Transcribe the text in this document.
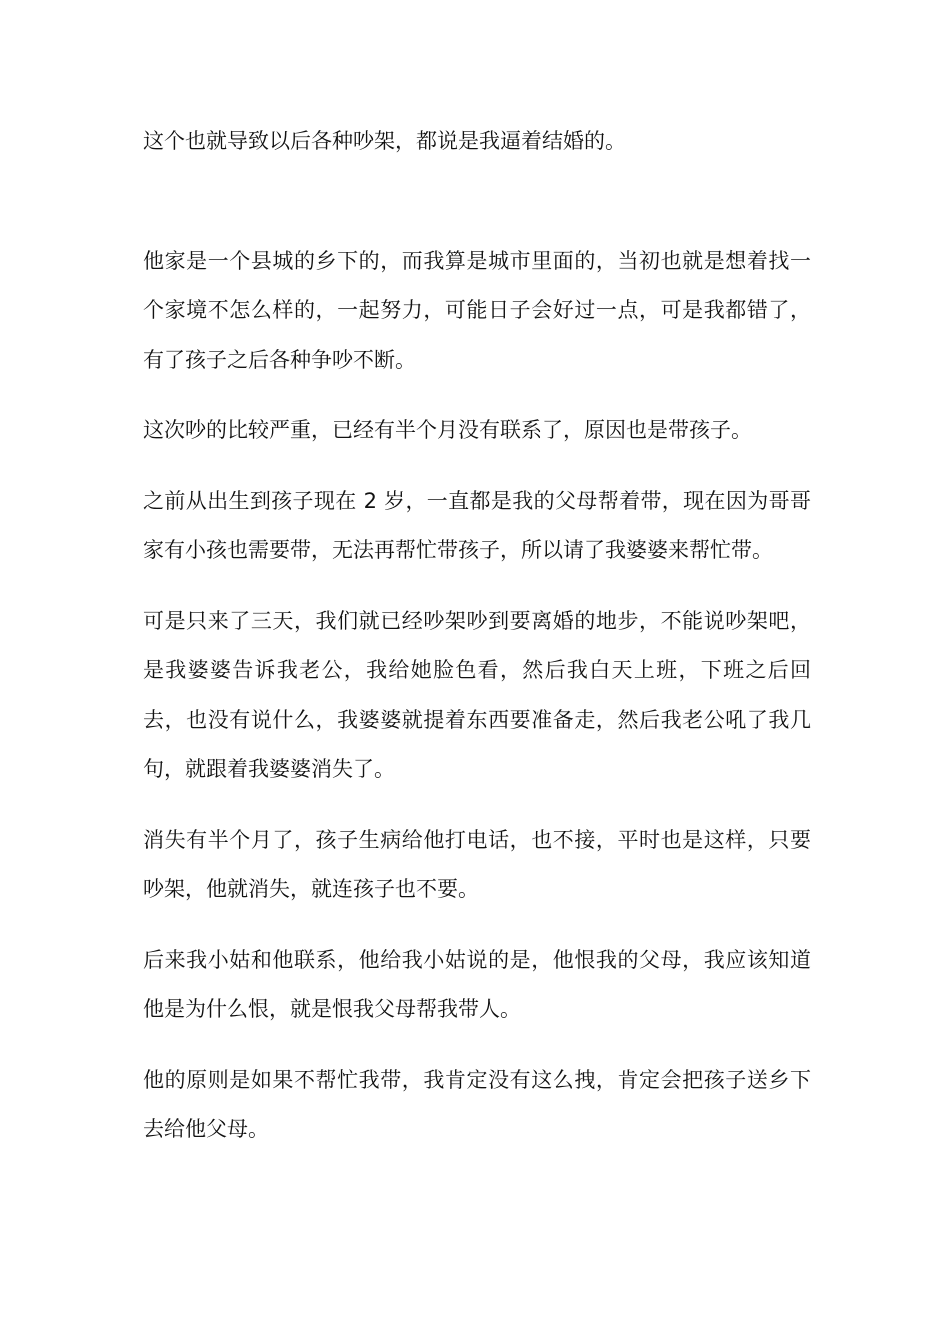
这个也就导致以后各种吵架，都说是我逼着结婚的。

他家是一个县城的乡下的，而我算是城市里面的，当初也就是想着找一个家境不怎么样的，一起努力，可能日子会好过一点，可是我都错了，有了孩子之后各种争吵不断。

这次吵的比较严重，已经有半个月没有联系了，原因也是带孩子。

之前从出生到孩子现在 2 岁，一直都是我的父母帮着带，现在因为哥哥家有小孩也需要带，无法再帮忙带孩子，所以请了我婆婆来帮忙带。

可是只来了三天，我们就已经吵架吵到要离婚的地步，不能说吵架吧，是我婆婆告诉我老公，我给她脸色看，然后我白天上班，下班之后回去，也没有说什么，我婆婆就提着东西要准备走，然后我老公吼了我几句，就跟着我婆婆消失了。

消失有半个月了，孩子生病给他打电话，也不接，平时也是这样，只要吵架，他就消失，就连孩子也不要。

后来我小姑和他联系，他给我小姑说的是，他恨我的父母，我应该知道他是为什么恨，就是恨我父母帮我带人。

他的原则是如果不帮忙我带，我肯定没有这么拽，肯定会把孩子送乡下去给他父母。
